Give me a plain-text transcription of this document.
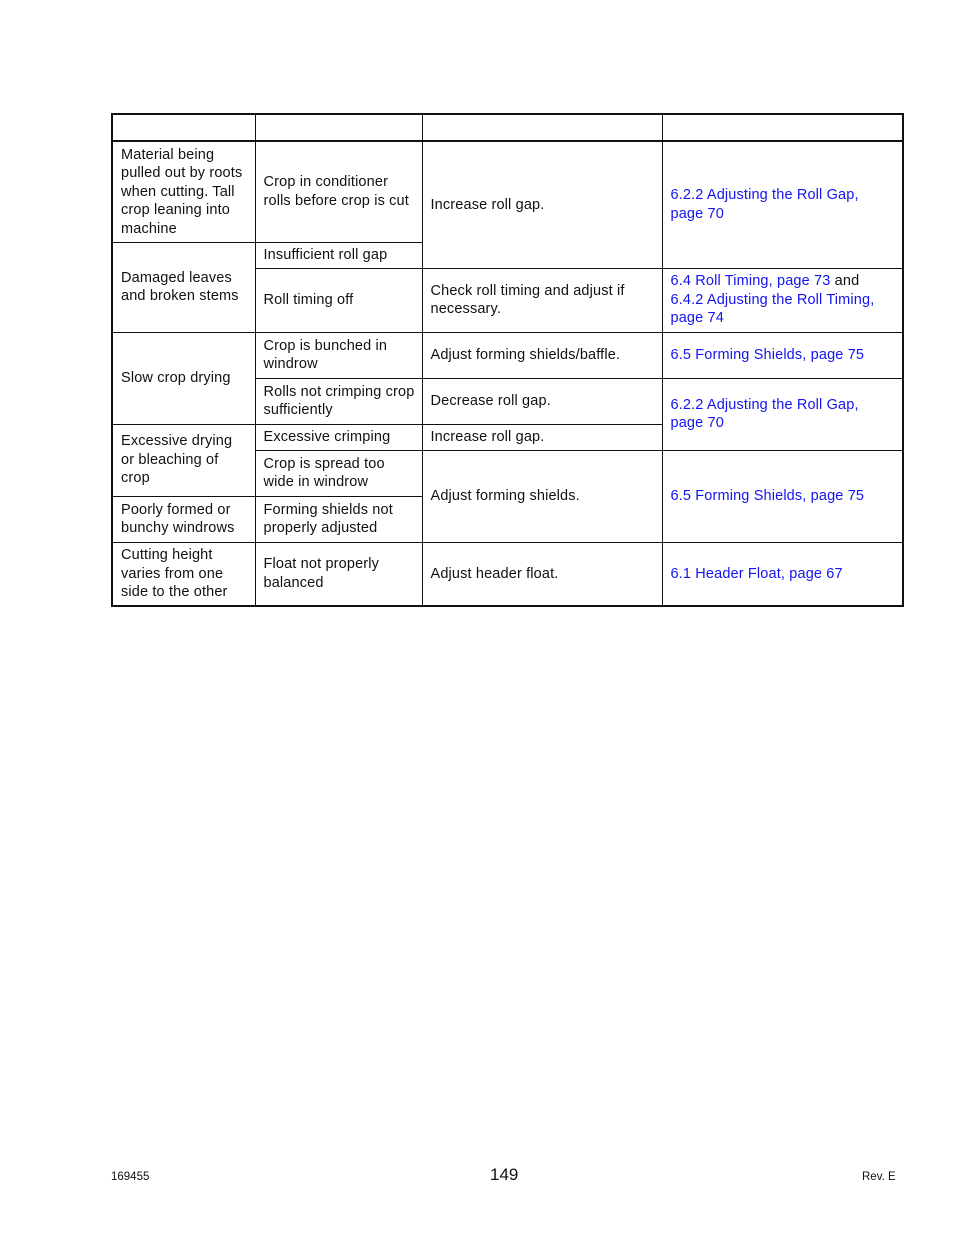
Material being pulled out by roots when cutting. Tall crop leaning into machine	Crop in conditioner rolls before crop is cut	Increase roll gap.	6.2.2 Adjusting the Roll Gap, page 70
Damaged leaves and broken stems	Insufficient roll gap		
	Roll timing off	Check roll timing and adjust if necessary.	6.4 Roll Timing, page 73 and 6.4.2 Adjusting the Roll Timing, page 74
Slow crop drying	Crop is bunched in windrow	Adjust forming shields/baffle.	6.5 Forming Shields, page 75
	Rolls not crimping crop sufficiently	Decrease roll gap.	6.2.2 Adjusting the Roll Gap, page 70
Excessive drying or bleaching of crop	Excessive crimping	Increase roll gap.	
	Crop is spread too wide in windrow	Adjust forming shields.	6.5 Forming Shields, page 75
Poorly formed or bunchy windrows	Forming shields not properly adjusted		
Cutting height varies from one side to the other	Float not properly balanced	Adjust header float.	6.1 Header Float, page 67
169455	149	Rev. E
